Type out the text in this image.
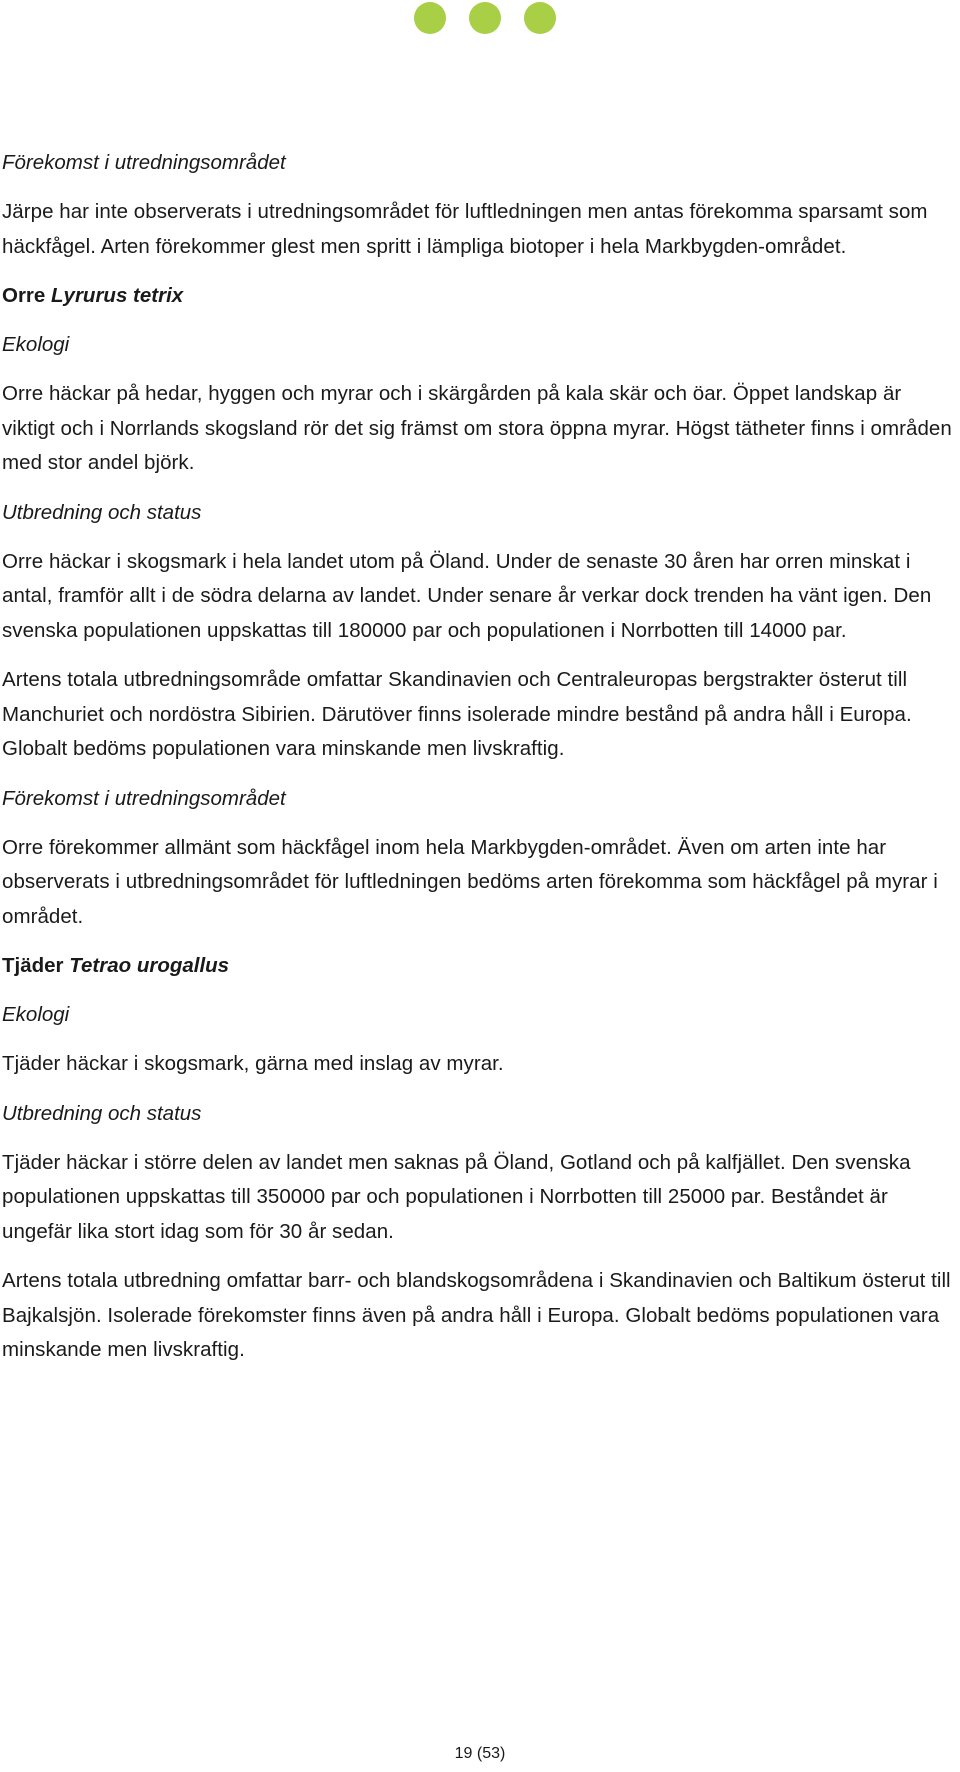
Förekomst i utredningsområdet
Järpe har inte observerats i utredningsområdet för luftledningen men antas förekomma sparsamt som häckfågel. Arten förekommer glest men spritt i lämpliga biotoper i hela Markbygden-området.
Orre Lyrurus tetrix
Ekologi
Orre häckar på hedar, hyggen och myrar och i skärgården på kala skär och öar. Öppet landskap är viktigt och i Norrlands skogsland rör det sig främst om stora öppna myrar. Högst tätheter finns i områden med stor andel björk.
Utbredning och status
Orre häckar i skogsmark i hela landet utom på Öland. Under de senaste 30 åren har orren minskat i antal, framför allt i de södra delarna av landet. Under senare år verkar dock trenden ha vänt igen. Den svenska populationen uppskattas till 180000 par och populationen i Norrbotten till 14000 par.
Artens totala utbredningsområde omfattar Skandinavien och Centraleuropas bergstrakter österut till Manchuriet och nordöstra Sibirien. Därutöver finns isolerade mindre bestånd på andra håll i Europa. Globalt bedöms populationen vara minskande men livskraftig.
Förekomst i utredningsområdet
Orre förekommer allmänt som häckfågel inom hela Markbygden-området. Även om arten inte har observerats i utbredningsområdet för luftledningen bedöms arten förekomma som häckfågel på myrar i området.
Tjäder Tetrao urogallus
Ekologi
Tjäder häckar i skogsmark, gärna med inslag av myrar.
Utbredning och status
Tjäder häckar i större delen av landet men saknas på Öland, Gotland och på kalfjället. Den svenska populationen uppskattas till 350000 par och populationen i Norrbotten till 25000 par. Beståndet är ungefär lika stort idag som för 30 år sedan.
Artens totala utbredning omfattar barr- och blandskogsområdena i Skandinavien och Baltikum österut till Bajkalsjön. Isolerade förekomster finns även på andra håll i Europa. Globalt bedöms populationen vara minskande men livskraftig.
19 (53)
